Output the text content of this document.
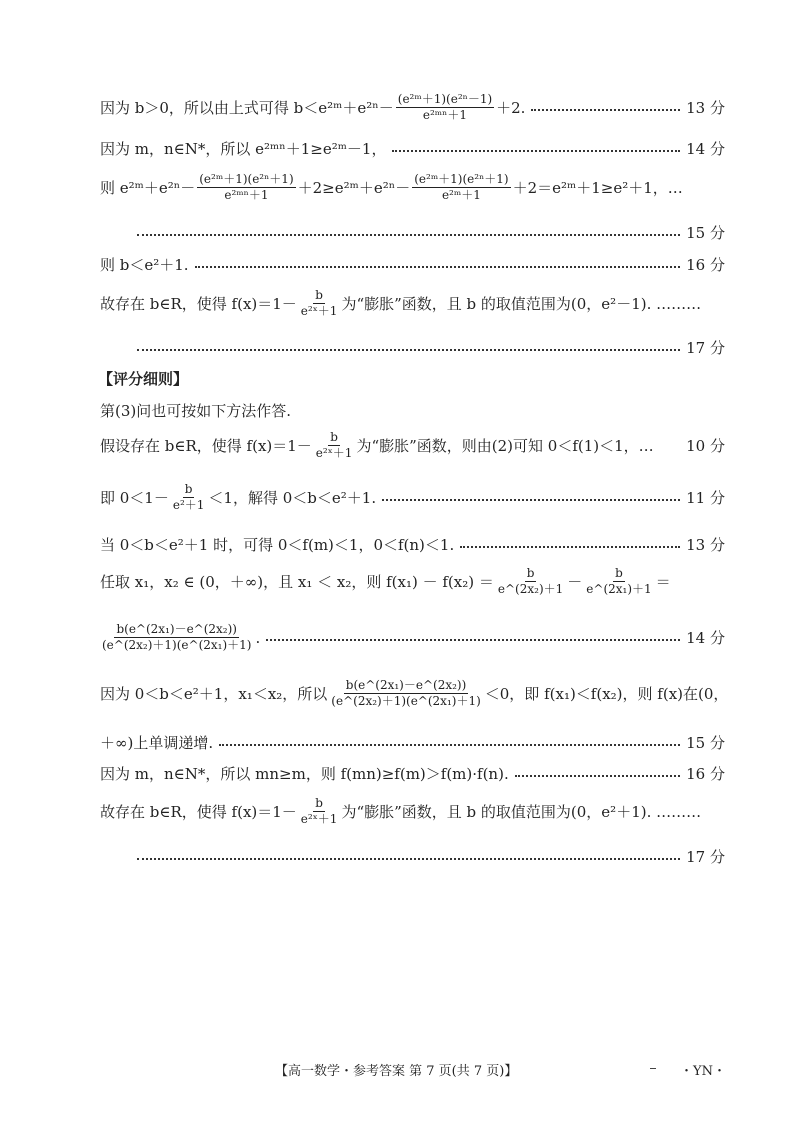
因为 b＞0，所以由上式可得 b＜e²ᵐ＋e²ⁿ－ $\frac{\text{(e²ᵐ＋1)(e²ⁿ－1)}}{\text{e²ᵐⁿ＋1}} +2$.	13 分
因为 m，n∈N*，所以 e²ᵐⁿ＋1≥e²ᵐ－1，	14 分
则 e²ᵐ＋e²ⁿ－ $\frac{\text{(e²ᵐ＋1)(e²ⁿ＋1)}}{\text{e²ᵐⁿ＋1}}$ ＋2≥e²ᵐ＋e²ⁿ－ $\frac{\text{(e²ᵐ＋1)(e²ⁿ＋1)}}{\text{e²ᵐ＋1}}$ ＋2＝e²ᵐ＋1≥e²＋1，…
15 分
则 b＜e²＋1.	16 分
故存在 b∈R，使得 $f(x)=1- \frac{b}{\text{e²ˣ＋1}}$ 为“膨胀”函数，且 b 的取值范围为(0，e²－1). ………
17 分
【评分细则】
第(3)问也可按如下方法作答.
假设存在 b∈R，使得 $f(x)=1- \frac{b}{\text{e²ˣ＋1}}$ 为“膨胀”函数，则由(2)可知 0＜f(1)＜1，… 10 分
即 $0<1- \frac{b}{\text{e²＋1}} <1$，解得 0＜b＜e²＋1.	11 分
当 0＜b＜e²＋1 时，可得 0＜f(m)＜1，0＜f(n)＜1.	13 分
任取 x₁，x₂ ∈ (0，＋∞)，且 x₁ ＜ x₂，则 $f(x_1) - f(x_2) = \frac{b}{\text{e\textasciicircum{}(2x₂)＋1}} - \frac{b}{\text{e\textasciicircum{}(2x₁)＋1}}$ ＝
$\frac{\text{b(e\textasciicircum{}(2x₁)－e\textasciicircum{}(2x₂))}}{\text{(e\textasciicircum{}(2x₂)＋1)(e\textasciicircum{}(2x₁)＋1)}}$ .	14 分
因为 0＜b＜e²＋1，x₁＜x₂，所以 $\frac{\text{b(e\textasciicircum{}(2x₁)－e\textasciicircum{}(2x₂))}}{\text{(e\textasciicircum{}(2x₂)＋1)(e\textasciicircum{}(2x₁)＋1)}} <0$，即 f(x₁)＜f(x₂)，则 f(x)在(0，
＋∞)上单调递增.	15 分
因为 m，n∈N*，所以 mn≥m，则 f(mn)≥f(m)＞f(m)·f(n).	16 分
故存在 b∈R，使得 $f(x)=1- \frac{b}{\text{e²ˣ＋1}}$ 为“膨胀”函数，且 b 的取值范围为(0，e²＋1). ………
17 分
【高一数学・参考答案 第 7 页(共 7 页)】	・YN・
